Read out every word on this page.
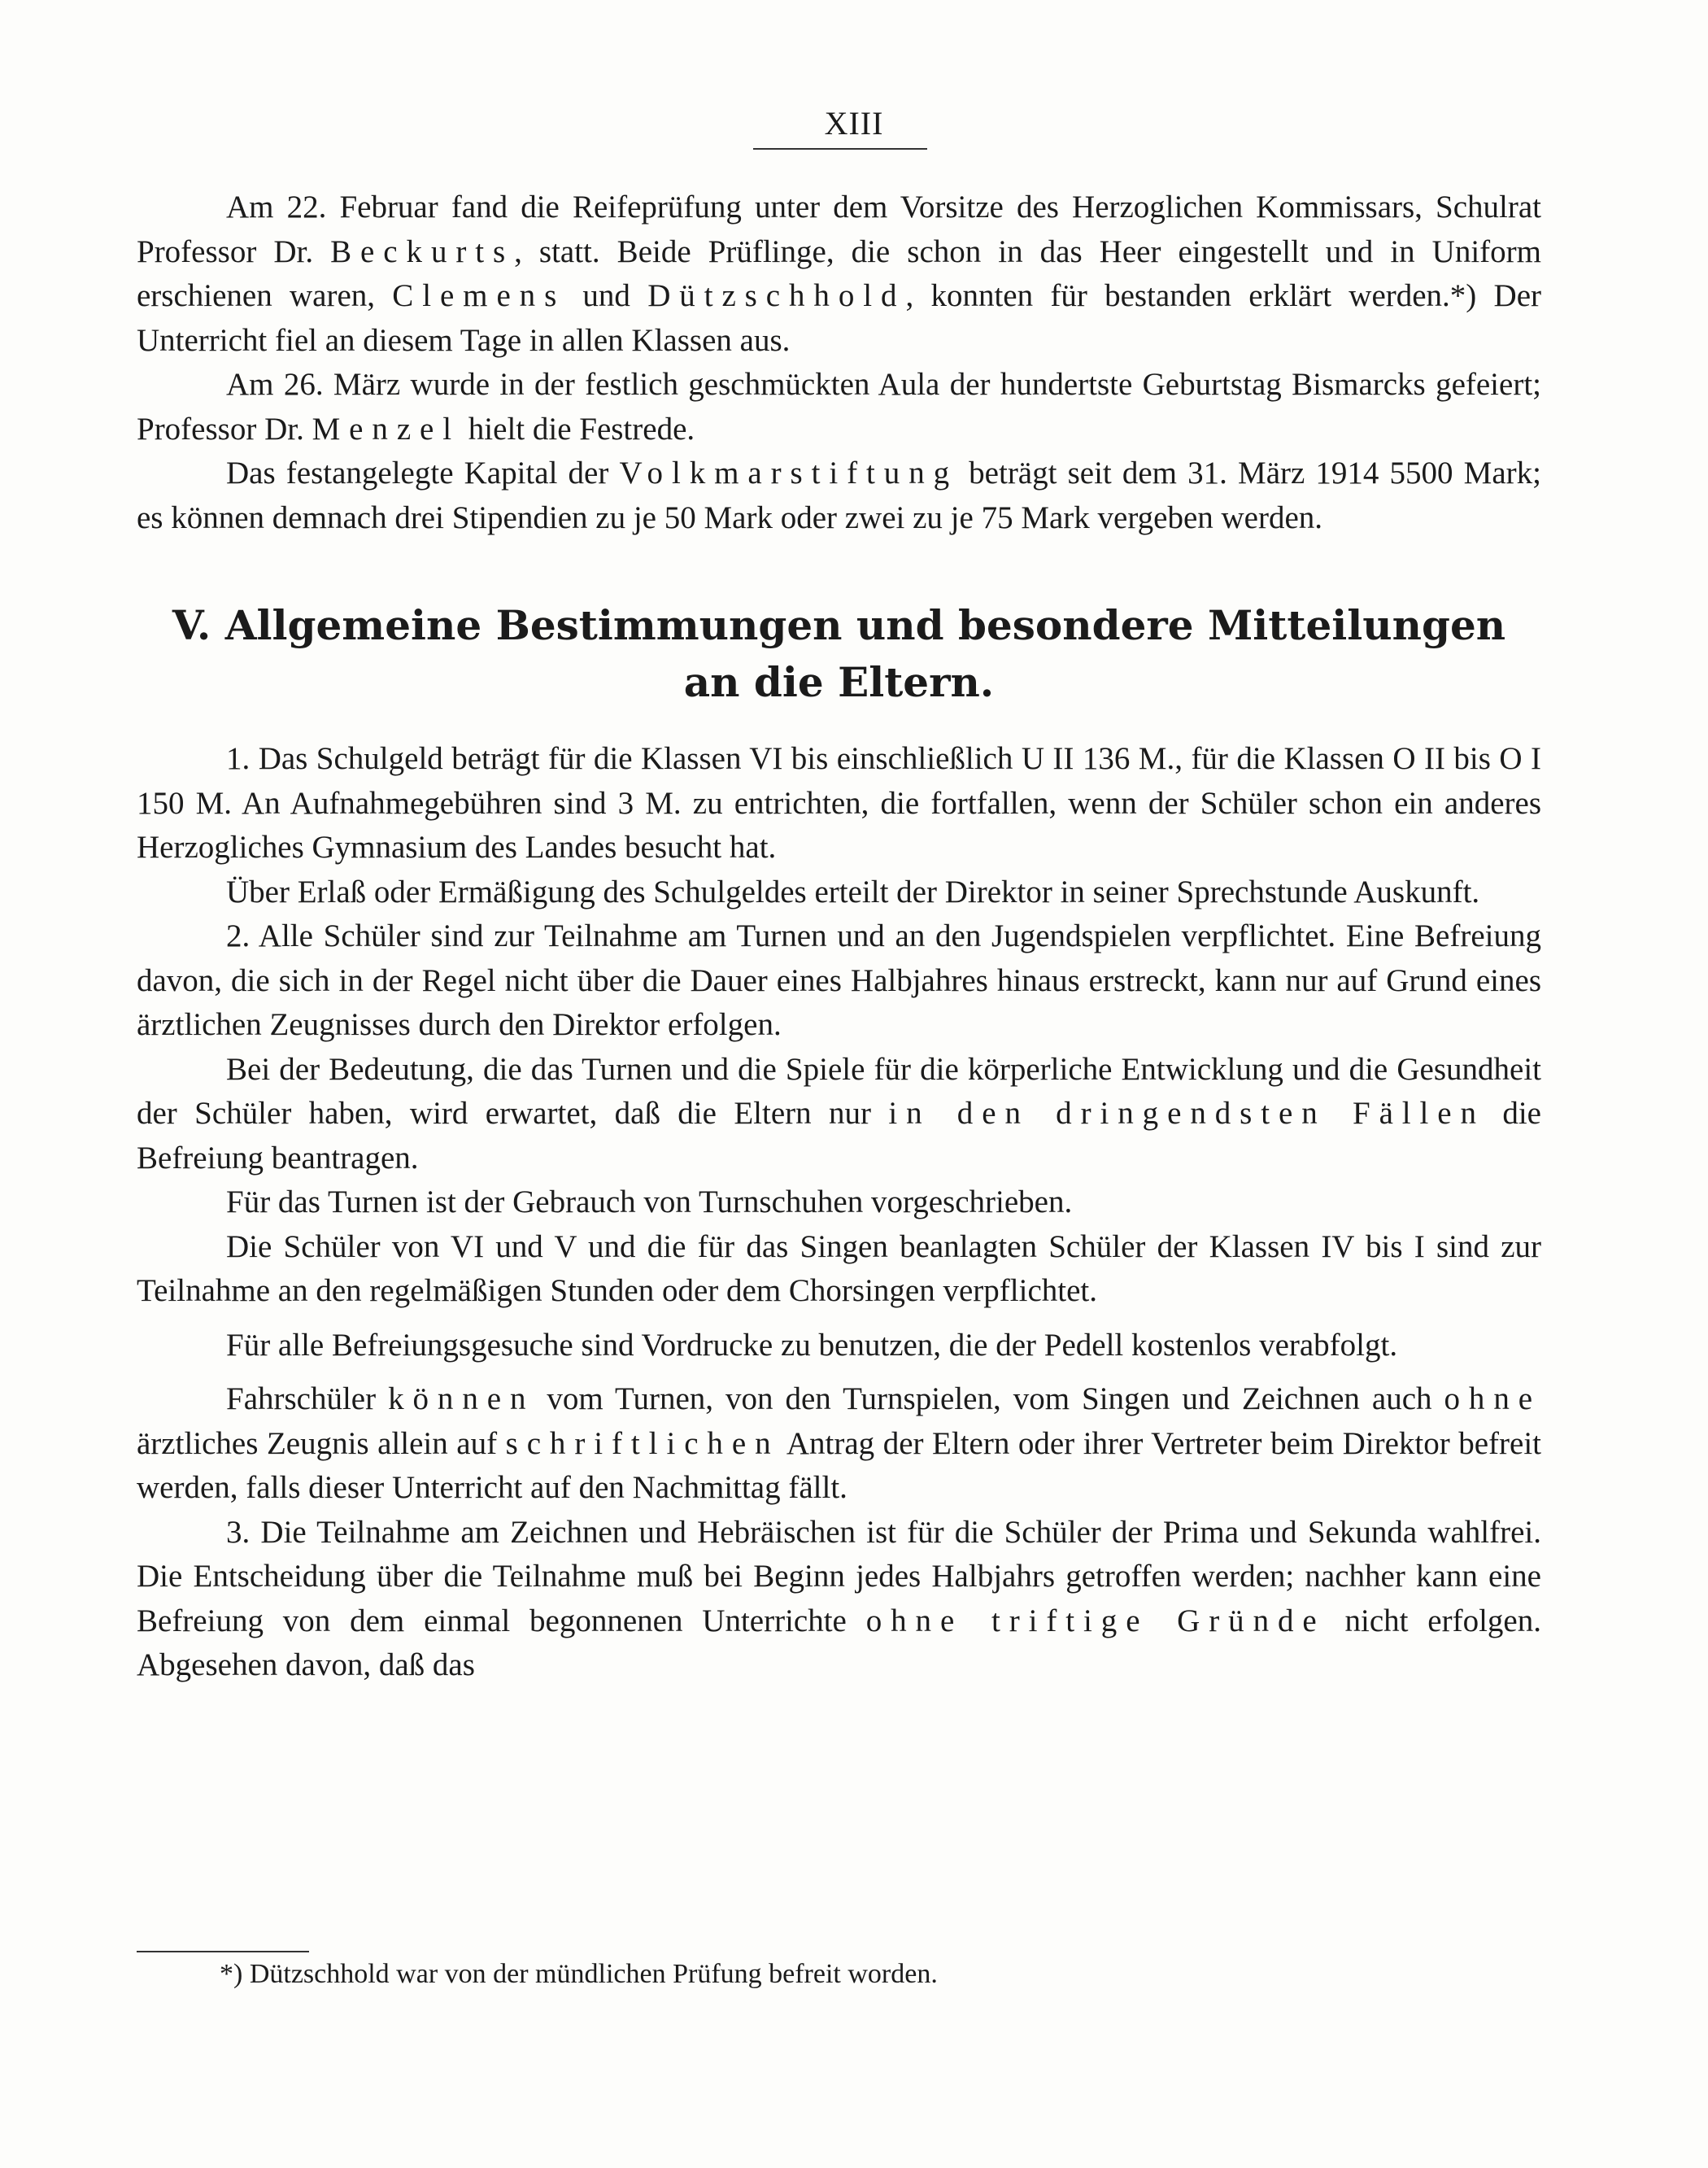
XIII

Am 22. Februar fand die Reifeprüfung unter dem Vorsitze des Herzoglichen Kommissars, Schulrat Professor Dr. Beckurts, statt. Beide Prüflinge, die schon in das Heer eingestellt und in Uniform erschienen waren, Clemens und Dützschhold, konnten für bestanden erklärt werden.*) Der Unterricht fiel an diesem Tage in allen Klassen aus.

Am 26. März wurde in der festlich geschmückten Aula der hundertste Geburtstag Bismarcks gefeiert; Professor Dr. Menzel hielt die Festrede.

Das festangelegte Kapital der Volkmarstiftung beträgt seit dem 31. März 1914 5500 Mark; es können demnach drei Stipendien zu je 50 Mark oder zwei zu je 75 Mark vergeben werden.

V. Allgemeine Bestimmungen und besondere Mitteilungen
an die Eltern.

1. Das Schulgeld beträgt für die Klassen VI bis einschließlich U II 136 M., für die Klassen O II bis O I 150 M. An Aufnahmegebühren sind 3 M. zu entrichten, die fortfallen, wenn der Schüler schon ein anderes Herzogliches Gymnasium des Landes besucht hat.

Über Erlaß oder Ermäßigung des Schulgeldes erteilt der Direktor in seiner Sprechstunde Auskunft.

2. Alle Schüler sind zur Teilnahme am Turnen und an den Jugendspielen verpflichtet. Eine Befreiung davon, die sich in der Regel nicht über die Dauer eines Halbjahres hinaus erstreckt, kann nur auf Grund eines ärztlichen Zeugnisses durch den Direktor erfolgen.

Bei der Bedeutung, die das Turnen und die Spiele für die körperliche Entwicklung und die Gesundheit der Schüler haben, wird erwartet, daß die Eltern nur in den dringendsten Fällen die Befreiung beantragen.

Für das Turnen ist der Gebrauch von Turnschuhen vorgeschrieben.

Die Schüler von VI und V und die für das Singen beanlagten Schüler der Klassen IV bis I sind zur Teilnahme an den regelmäßigen Stunden oder dem Chorsingen verpflichtet.

Für alle Befreiungsgesuche sind Vordrucke zu benutzen, die der Pedell kostenlos verabfolgt.

Fahrschüler können vom Turnen, von den Turnspielen, vom Singen und Zeichnen auch ohne ärztliches Zeugnis allein auf schriftlichen Antrag der Eltern oder ihrer Vertreter beim Direktor befreit werden, falls dieser Unterricht auf den Nachmittag fällt.

3. Die Teilnahme am Zeichnen und Hebräischen ist für die Schüler der Prima und Sekunda wahlfrei. Die Entscheidung über die Teilnahme muß bei Beginn jedes Halbjahrs getroffen werden; nachher kann eine Befreiung von dem einmal begonnenen Unterrichte ohne triftige Gründe nicht erfolgen. Abgesehen davon, daß das

*) Dützschhold war von der mündlichen Prüfung befreit worden.
